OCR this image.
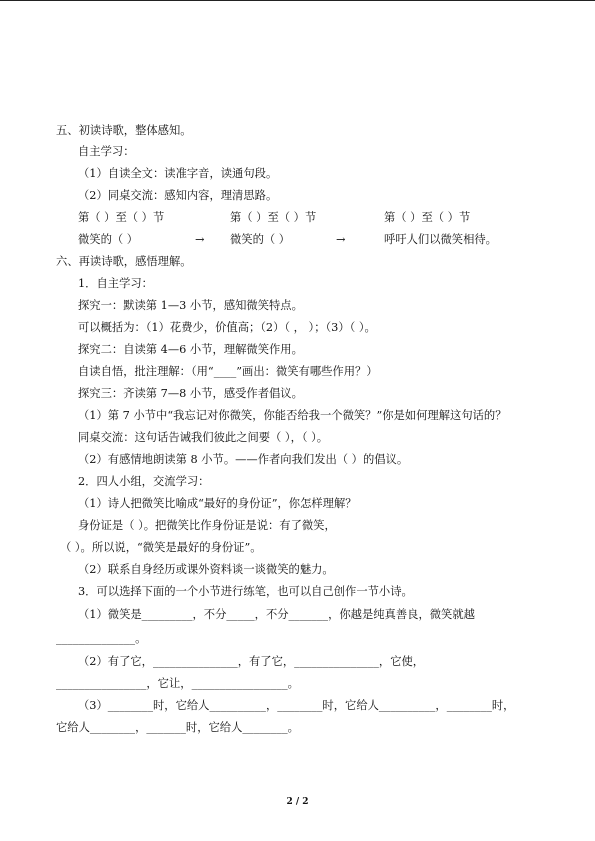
五、初读诗歌，整体感知。
自主学习：
（1）自读全文：读准字音，读通句段。
（2）同桌交流：感知内容，理清思路。
第（ ）至（ ）节	第（ ）至（ ）节	第（ ）至（ ）节
微笑的（ ）	→ 微笑的（ ）	→	呼吁人们以微笑相待。
六、再读诗歌，感悟理解。
1．自主学习：
探究一：默读第 1—3 小节，感知微笑特点。
可以概括为：（1）花费少，价值高；（2）（ ， ）；（3）（ ）。
探究二：自读第 4—6 小节，理解微笑作用。
自读自悟，批注理解：（用“____”画出：微笑有哪些作用？）
探究三：齐读第 7—8 小节，感受作者倡议。
（1）第 7 小节中“我忘记对你微笑，你能否给我一个微笑？”你是如何理解这句话的？
同桌交流：这句话告诫我们彼此之间要（ ），（ ）。
（2）有感情地朗读第 8 小节。——作者向我们发出（ ）的倡议。
2．四人小组，交流学习：
（1）诗人把微笑比喻成“最好的身份证”，你怎样理解？
身份证是（ ）。把微笑比作身份证是说：有了微笑，
（ ）。所以说，“微笑是最好的身份证”。
（2）联系自身经历或课外资料谈一谈微笑的魅力。
3．可以选择下面的一个小节进行练笔，也可以自己创作一节小诗。
（1）微笑是_________，不分_____，不分_______，你越是纯真善良，微笑就越
______________。
（2）有了它，_______________，有了它，_______________，它使，
________________，它让，_________________。
（3）________时，它给人__________，________时，它给人__________，________时，
它给人________，_______时，它给人________。
2 / 2
